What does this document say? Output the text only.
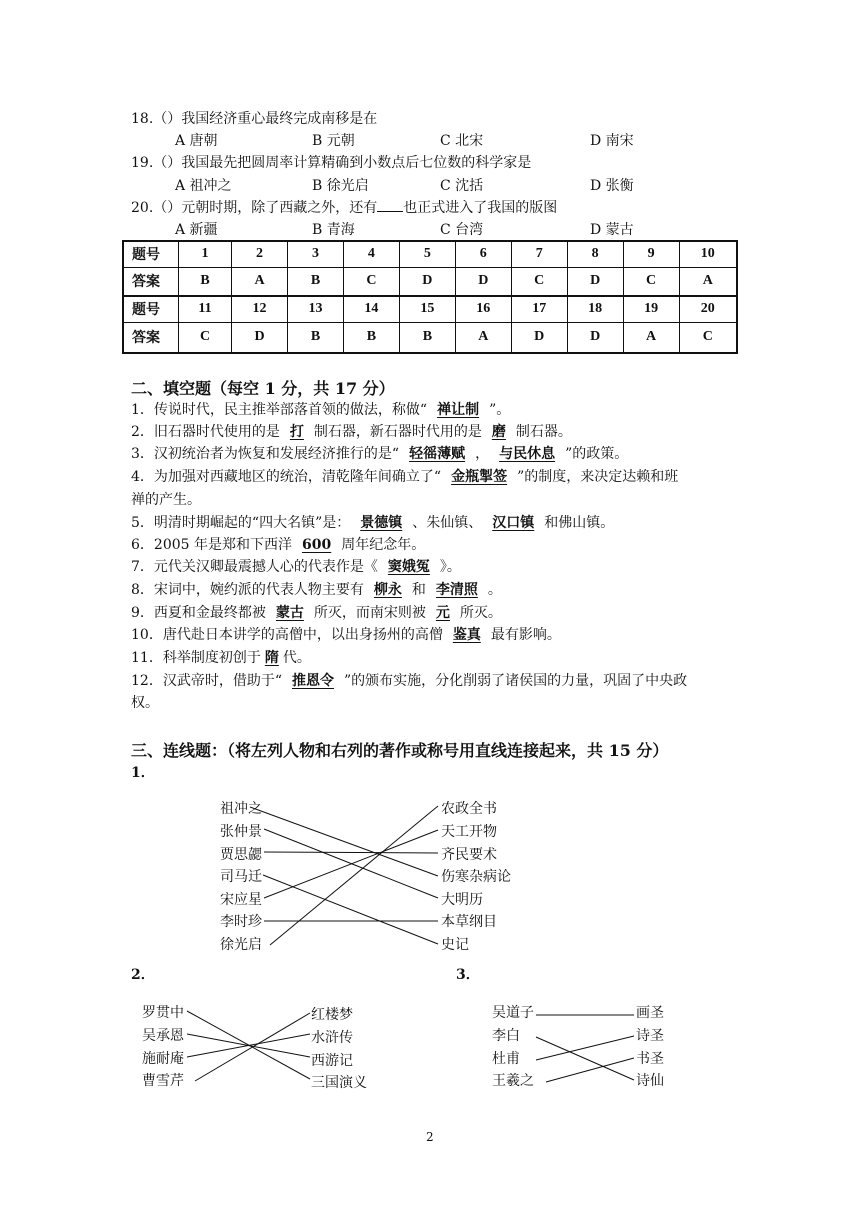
18.（）我国经济重心最终完成南移是在
A 唐朝	B 元朝	C 北宋	D 南宋
19.（）我国最先把圆周率计算精确到小数点后七位数的科学家是
A 祖冲之	B 徐光启	C 沈括	D 张衡
20.（）元朝时期，除了西藏之外，还有 也正式进入了我国的版图
A 新疆	B 青海	C 台湾	D 蒙古
题号	1	2	3	4	5	6	7	8	9	10
答案	B	A	B	C	D	D	C	D	C	A
题号	11	12	13	14	15	16	17	18	19	20
答案	C	D	B	B	B	A	D	D	A	C
二、填空题（每空 1 分，共 17 分）
1．传说时代，民主推举部落首领的做法，称做“ 禅让制 ”。
2．旧石器时代使用的是 打 制石器，新石器时代用的是 磨 制石器。
3．汉初统治者为恢复和发展经济推行的是“ 轻徭薄赋 ， 与民休息 ”的政策。
4．为加强对西藏地区的统治，清乾隆年间确立了“ 金瓶掣签 ”的制度，来决定达赖和班
禅的产生。
5．明清时期崛起的“四大名镇”是： 景德镇 、朱仙镇、 汉口镇 和佛山镇。
6．2005 年是郑和下西洋 600 周年纪念年。
7．元代关汉卿最震撼人心的代表作是《 窦娥冤 》。
8．宋词中，婉约派的代表人物主要有 柳永 和 李清照 。
9．西夏和金最终都被 蒙古 所灭，而南宋则被 元 所灭。
10．唐代赴日本讲学的高僧中，以出身扬州的高僧 鉴真 最有影响。
11．科举制度初创于 隋 代。
12．汉武帝时，借助于“ 推恩令 ”的颁布实施，分化削弱了诸侯国的力量，巩固了中央政
权。
三、连线题：（将左列人物和右列的著作或称号用直线连接起来，共 15 分）
1．
祖冲之
张仲景
贾思勰
司马迁
宋应星
李时珍
徐光启
农政全书
天工开物
齐民要术
伤寒杂病论
大明历
本草纲目
史记
2．	3．
罗贯中
吴承恩
施耐庵
曹雪芹
红楼梦
水浒传
西游记
三国演义
吴道子
李白
杜甫
王羲之
画圣
诗圣
书圣
诗仙
2
